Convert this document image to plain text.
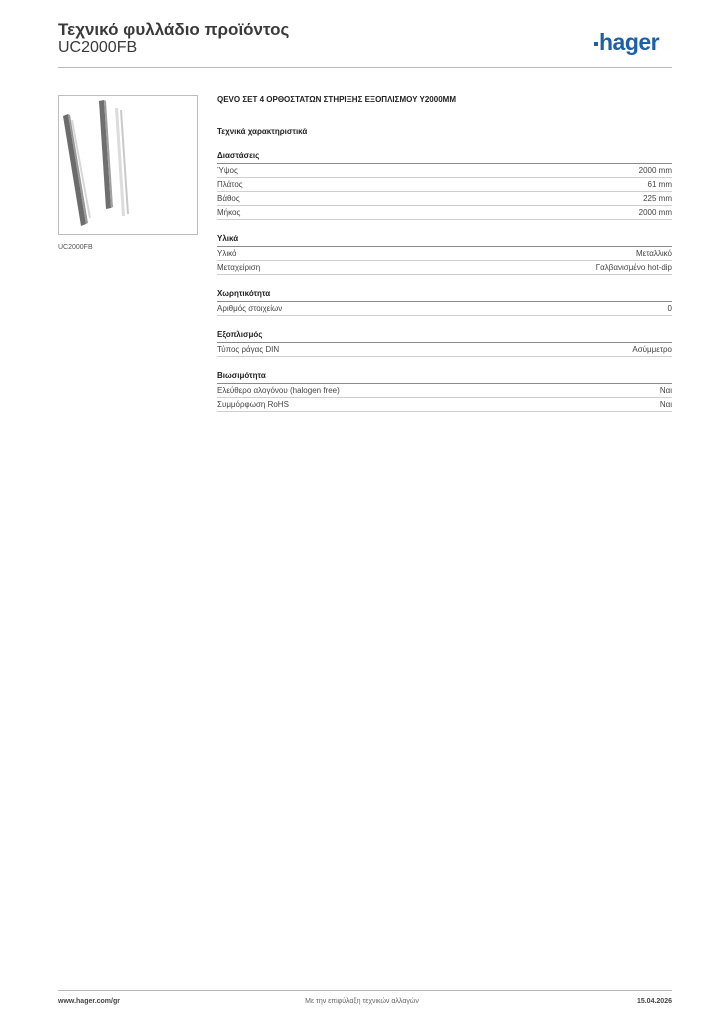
Τεχνικό φυλλάδιο προϊόντος
UC2000FB	hager
UC2000FB
QEVO ΣΕΤ 4 ΟΡΘΟΣΤΑΤΩΝ ΣΤΗΡΙΞΗΣ ΕΞΟΠΛΙΣΜΟΥ Υ2000ΜΜ
Τεχνικά χαρακτηριστικά
Διαστάσεις
Ύψος	2000 mm
Πλάτος	61 mm
Βάθος	225 mm
Μήκος	2000 mm
Υλικά
Υλικό	Μεταλλικό
Μεταχείριση	Γαλβανισμένο hot-dip
Χωρητικότητα
Αριθμός στοιχείων	0
Εξοπλισμός
Τύπος ράγας DIN	Ασύμμετρο
Βιωσιμότητα
Ελεύθερο αλογόνου (halogen free)	Ναι
Συμμόρφωση RoHS	Ναι
www.hager.com/gr	Με την επιφύλαξη τεχνικών αλλαγών	15.04.2026
